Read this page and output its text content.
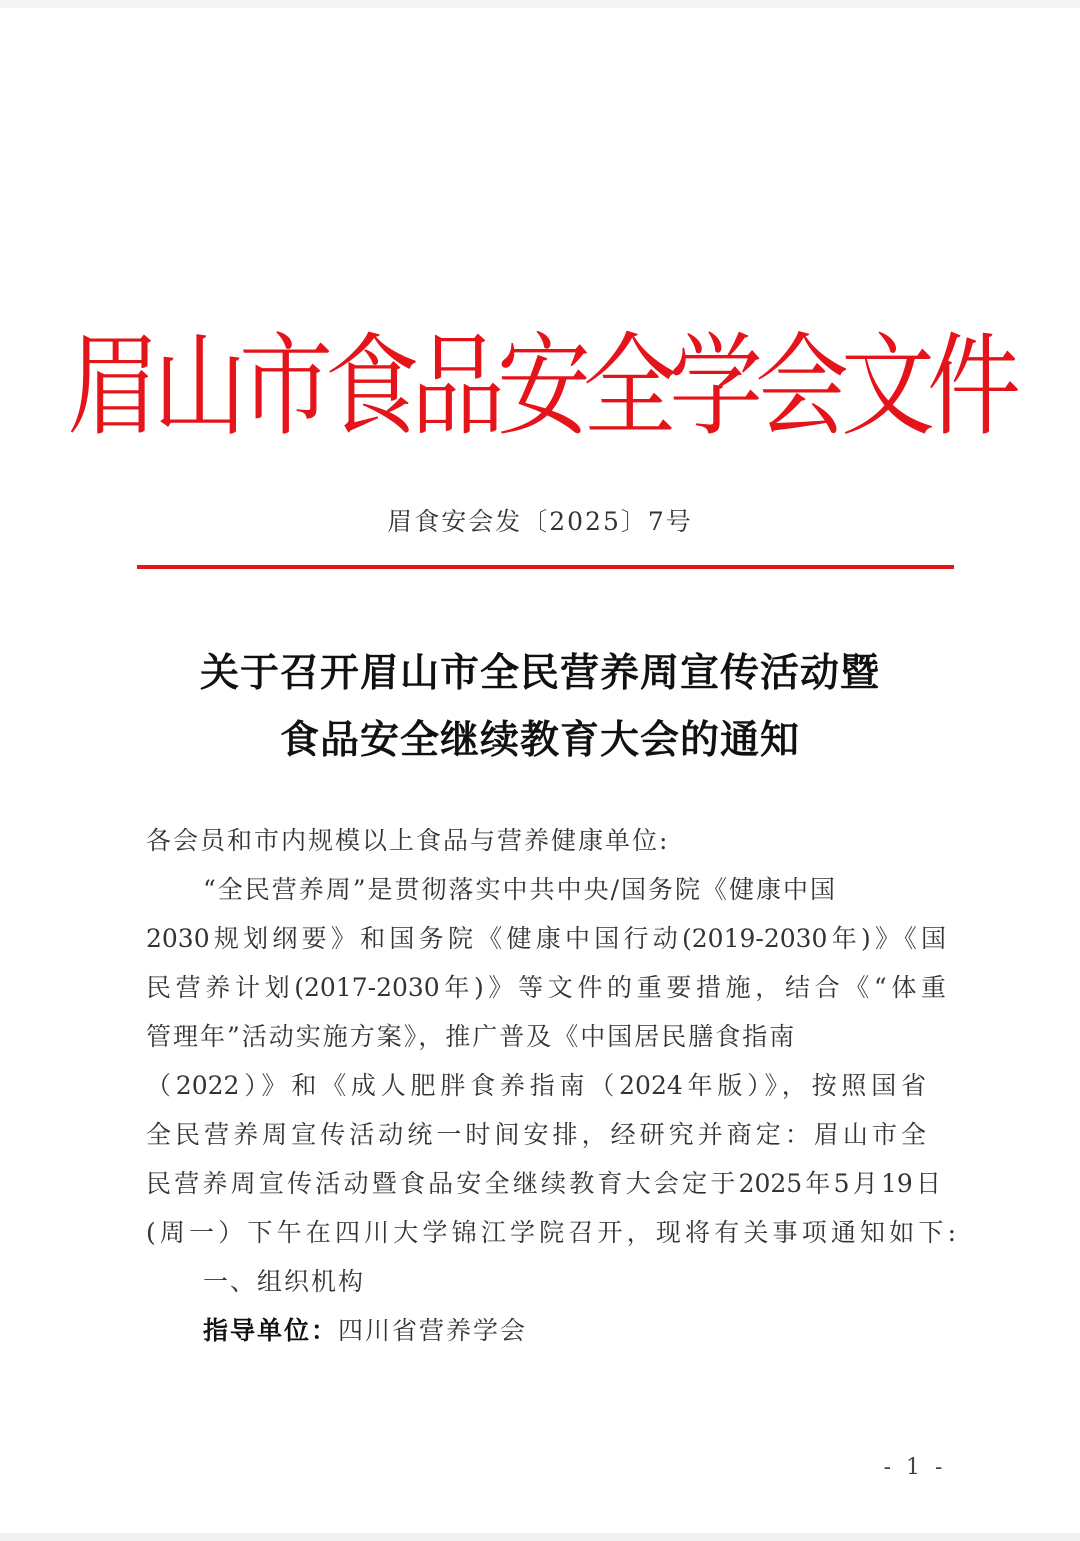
眉山市食品安全学会文件
眉食安会发〔2025〕7号
关于召开眉山市全民营养周宣传活动暨
食品安全继续教育大会的通知
各会员和市内规模以上食品与营养健康单位:
“全民营养周”是贯彻落实中共中央/国务院《健康中国
2030规划纲要》和国务院《健康中国行动(2019-2030年)》《国
民营养计划(2017-2030年)》等文件的重要措施，结合《“体重
管理年”活动实施方案》，推广普及《中国居民膳食指南
（2022）》和《成人肥胖食养指南（2024年版）》，按照国省
全民营养周宣传活动统一时间安排，经研究并商定：眉山市全
民营养周宣传活动暨食品安全继续教育大会定于2025年5月19日
(周一）下午在四川大学锦江学院召开，现将有关事项通知如下:
一、组织机构
指导单位：四川省营养学会
- 1 -
